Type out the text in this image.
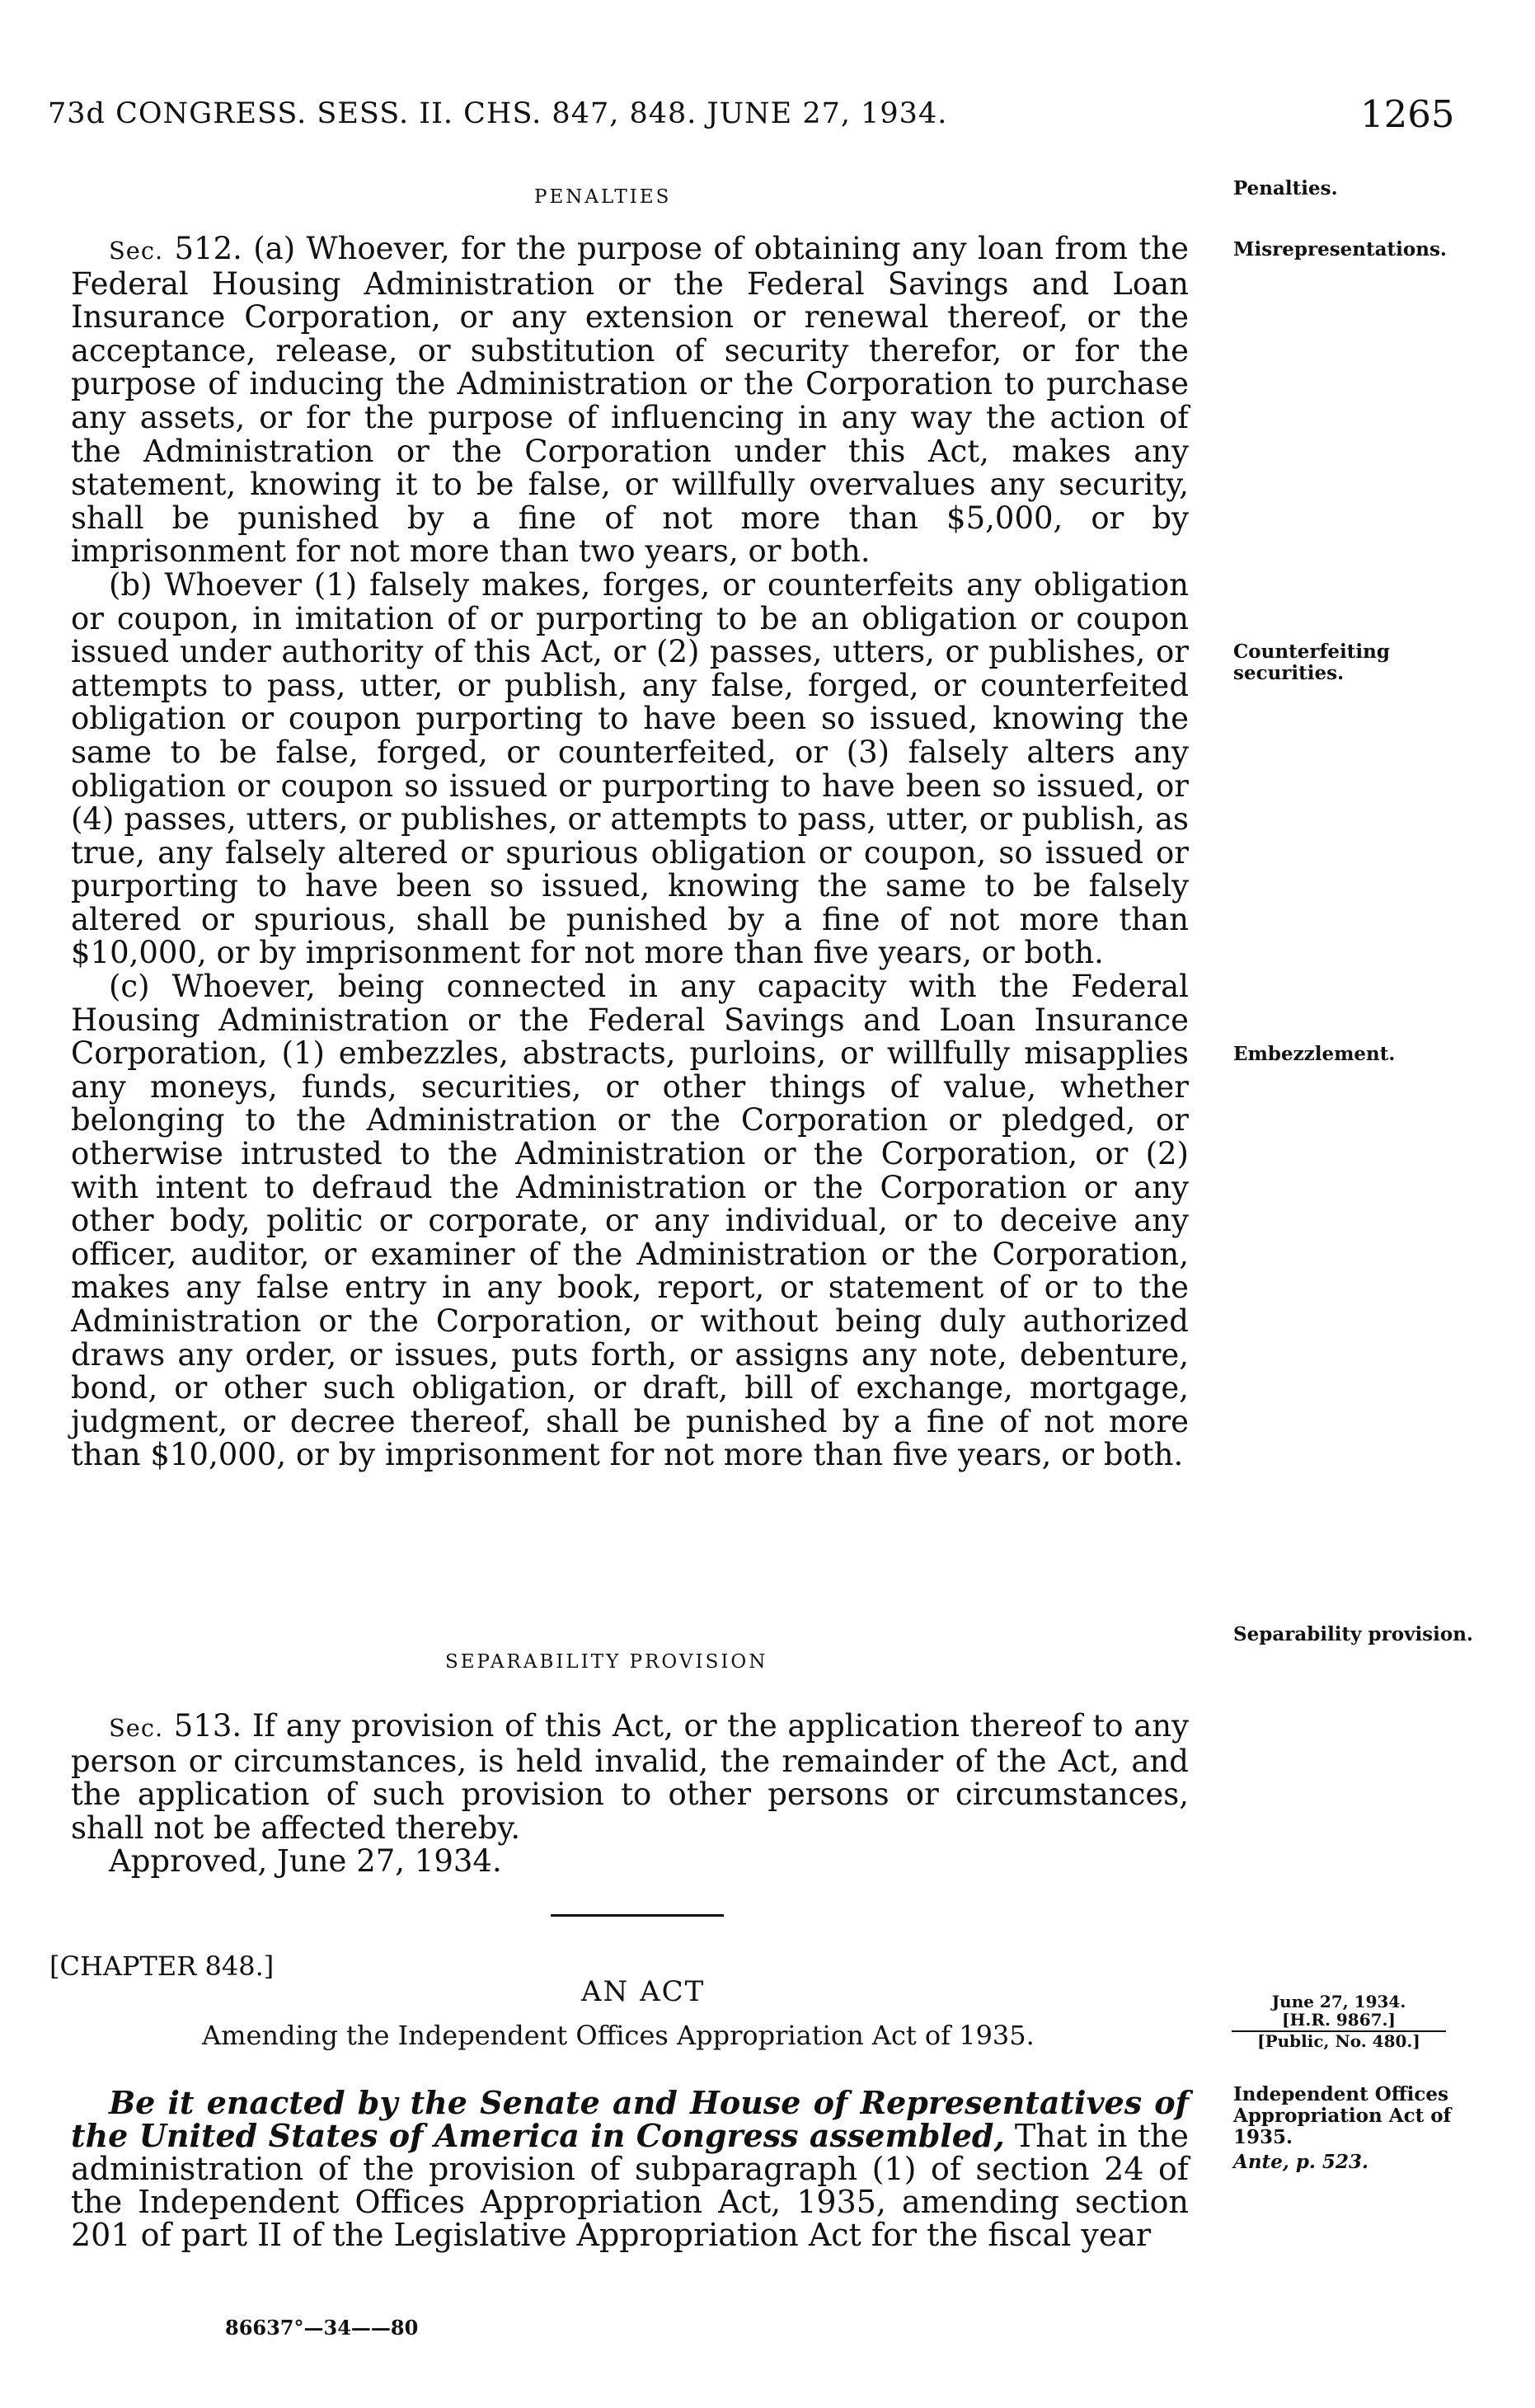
73d CONGRESS. SESS. II. CHS. 847, 848. JUNE 27, 1934.	1265
PENALTIES	Penalties.
Misrepresentations.
Counterfeiting securities.
Embezzlement.
Separability provision.
Independent Offices Appropriation Act of 1935.
Ante, p. 523.

Sec. 512. (a) Whoever, for the purpose of obtaining any loan from the Federal Housing Administration or the Federal Savings and Loan Insurance Corporation, or any extension or renewal thereof, or the acceptance, release, or substitution of security therefor, or for the purpose of inducing the Administration or the Corporation to purchase any assets, or for the purpose of influencing in any way the action of the Administration or the Corporation under this Act, makes any statement, knowing it to be false, or willfully overvalues any security, shall be punished by a fine of not more than $5,000, or by imprisonment for not more than two years, or both.

(b) Whoever (1) falsely makes, forges, or counterfeits any obligation or coupon, in imitation of or purporting to be an obligation or coupon issued under authority of this Act, or (2) passes, utters, or publishes, or attempts to pass, utter, or publish, any false, forged, or counterfeited obligation or coupon purporting to have been so issued, knowing the same to be false, forged, or counterfeited, or (3) falsely alters any obligation or coupon so issued or purporting to have been so issued, or (4) passes, utters, or publishes, or attempts to pass, utter, or publish, as true, any falsely altered or spurious obligation or coupon, so issued or purporting to have been so issued, knowing the same to be falsely altered or spurious, shall be punished by a fine of not more than $10,000, or by imprisonment for not more than five years, or both.

(c) Whoever, being connected in any capacity with the Federal Housing Administration or the Federal Savings and Loan Insurance Corporation, (1) embezzles, abstracts, purloins, or willfully misapplies any moneys, funds, securities, or other things of value, whether belonging to the Administration or the Corporation or pledged, or otherwise intrusted to the Administration or the Corporation, or (2) with intent to defraud the Administration or the Corporation or any other body, politic or corporate, or any individual, or to deceive any officer, auditor, or examiner of the Administration or the Corporation, makes any false entry in any book, report, or statement of or to the Administration or the Corporation, or without being duly authorized draws any order, or issues, puts forth, or assigns any note, debenture, bond, or other such obligation, or draft, bill of exchange, mortgage, judgment, or decree thereof, shall be punished by a fine of not more than $10,000, or by imprisonment for not more than five years, or both.

SEPARABILITY PROVISION

Sec. 513. If any provision of this Act, or the application thereof to any person or circumstances, is held invalid, the remainder of the Act, and the application of such provision to other persons or circumstances, shall not be affected thereby.

Approved, June 27, 1934.

[CHAPTER 848.]
AN ACT
Amending the Independent Offices Appropriation Act of 1935.
June 27, 1934.
[H.R. 9867.]
[Public, No. 480.]

Be it enacted by the Senate and House of Representatives of the United States of America in Congress assembled, That in the administration of the provision of subparagraph (1) of section 24 of the Independent Offices Appropriation Act, 1935, amending section 201 of part II of the Legislative Appropriation Act for the fiscal year

86637°—34——80
